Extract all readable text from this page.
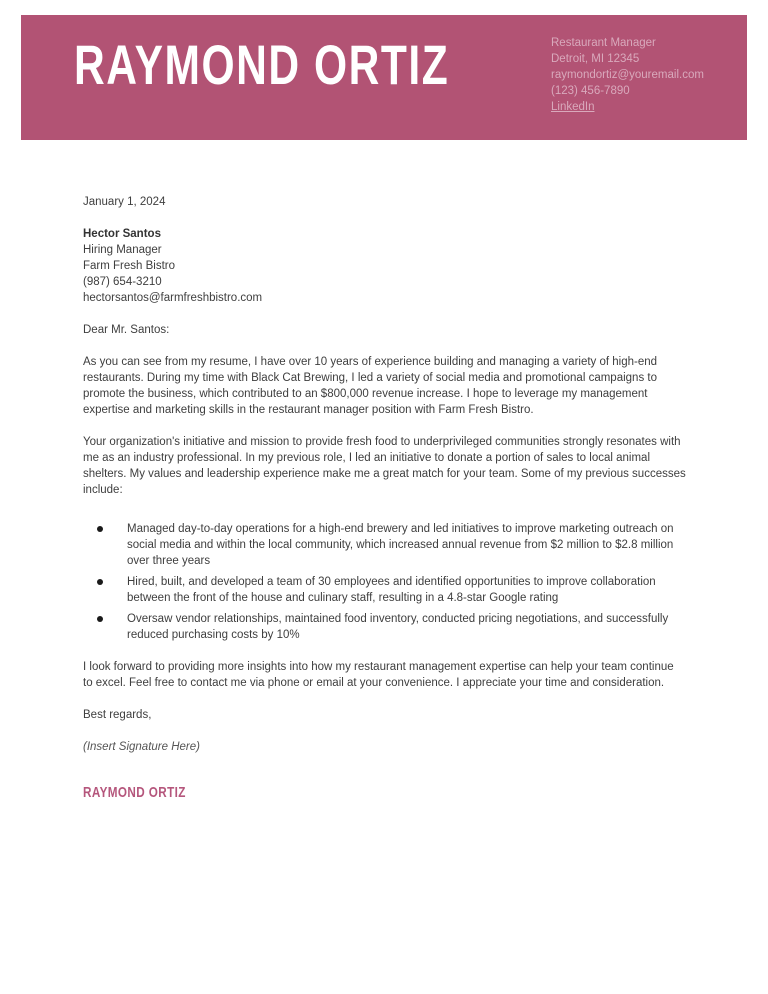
RAYMOND ORTIZ	Restaurant Manager
Detroit, MI 12345
raymondortiz@youremail.com
(123) 456-7890
LinkedIn
January 1, 2024
Hector Santos
Hiring Manager
Farm Fresh Bistro
(987) 654-3210
hectorsantos@farmfreshbistro.com
Dear Mr. Santos:

As you can see from my resume, I have over 10 years of experience building and managing a variety of high-end restaurants. During my time with Black Cat Brewing, I led a variety of social media and promotional campaigns to promote the business, which contributed to an $800,000 revenue increase. I hope to leverage my management expertise and marketing skills in the restaurant manager position with Farm Fresh Bistro.

Your organization's initiative and mission to provide fresh food to underprivileged communities strongly resonates with me as an industry professional. In my previous role, I led an initiative to donate a portion of sales to local animal shelters. My values and leadership experience make me a great match for your team. Some of my previous successes include:

Managed day-to-day operations for a high-end brewery and led initiatives to improve marketing outreach on social media and within the local community, which increased annual revenue from $2 million to $2.8 million over three years
Hired, built, and developed a team of 30 employees and identified opportunities to improve collaboration between the front of the house and culinary staff, resulting in a 4.8-star Google rating
Oversaw vendor relationships, maintained food inventory, conducted pricing negotiations, and successfully reduced purchasing costs by 10%

I look forward to providing more insights into how my restaurant management expertise can help your team continue to excel. Feel free to contact me via phone or email at your convenience. I appreciate your time and consideration.

Best regards,
(Insert Signature Here)
RAYMOND ORTIZ
